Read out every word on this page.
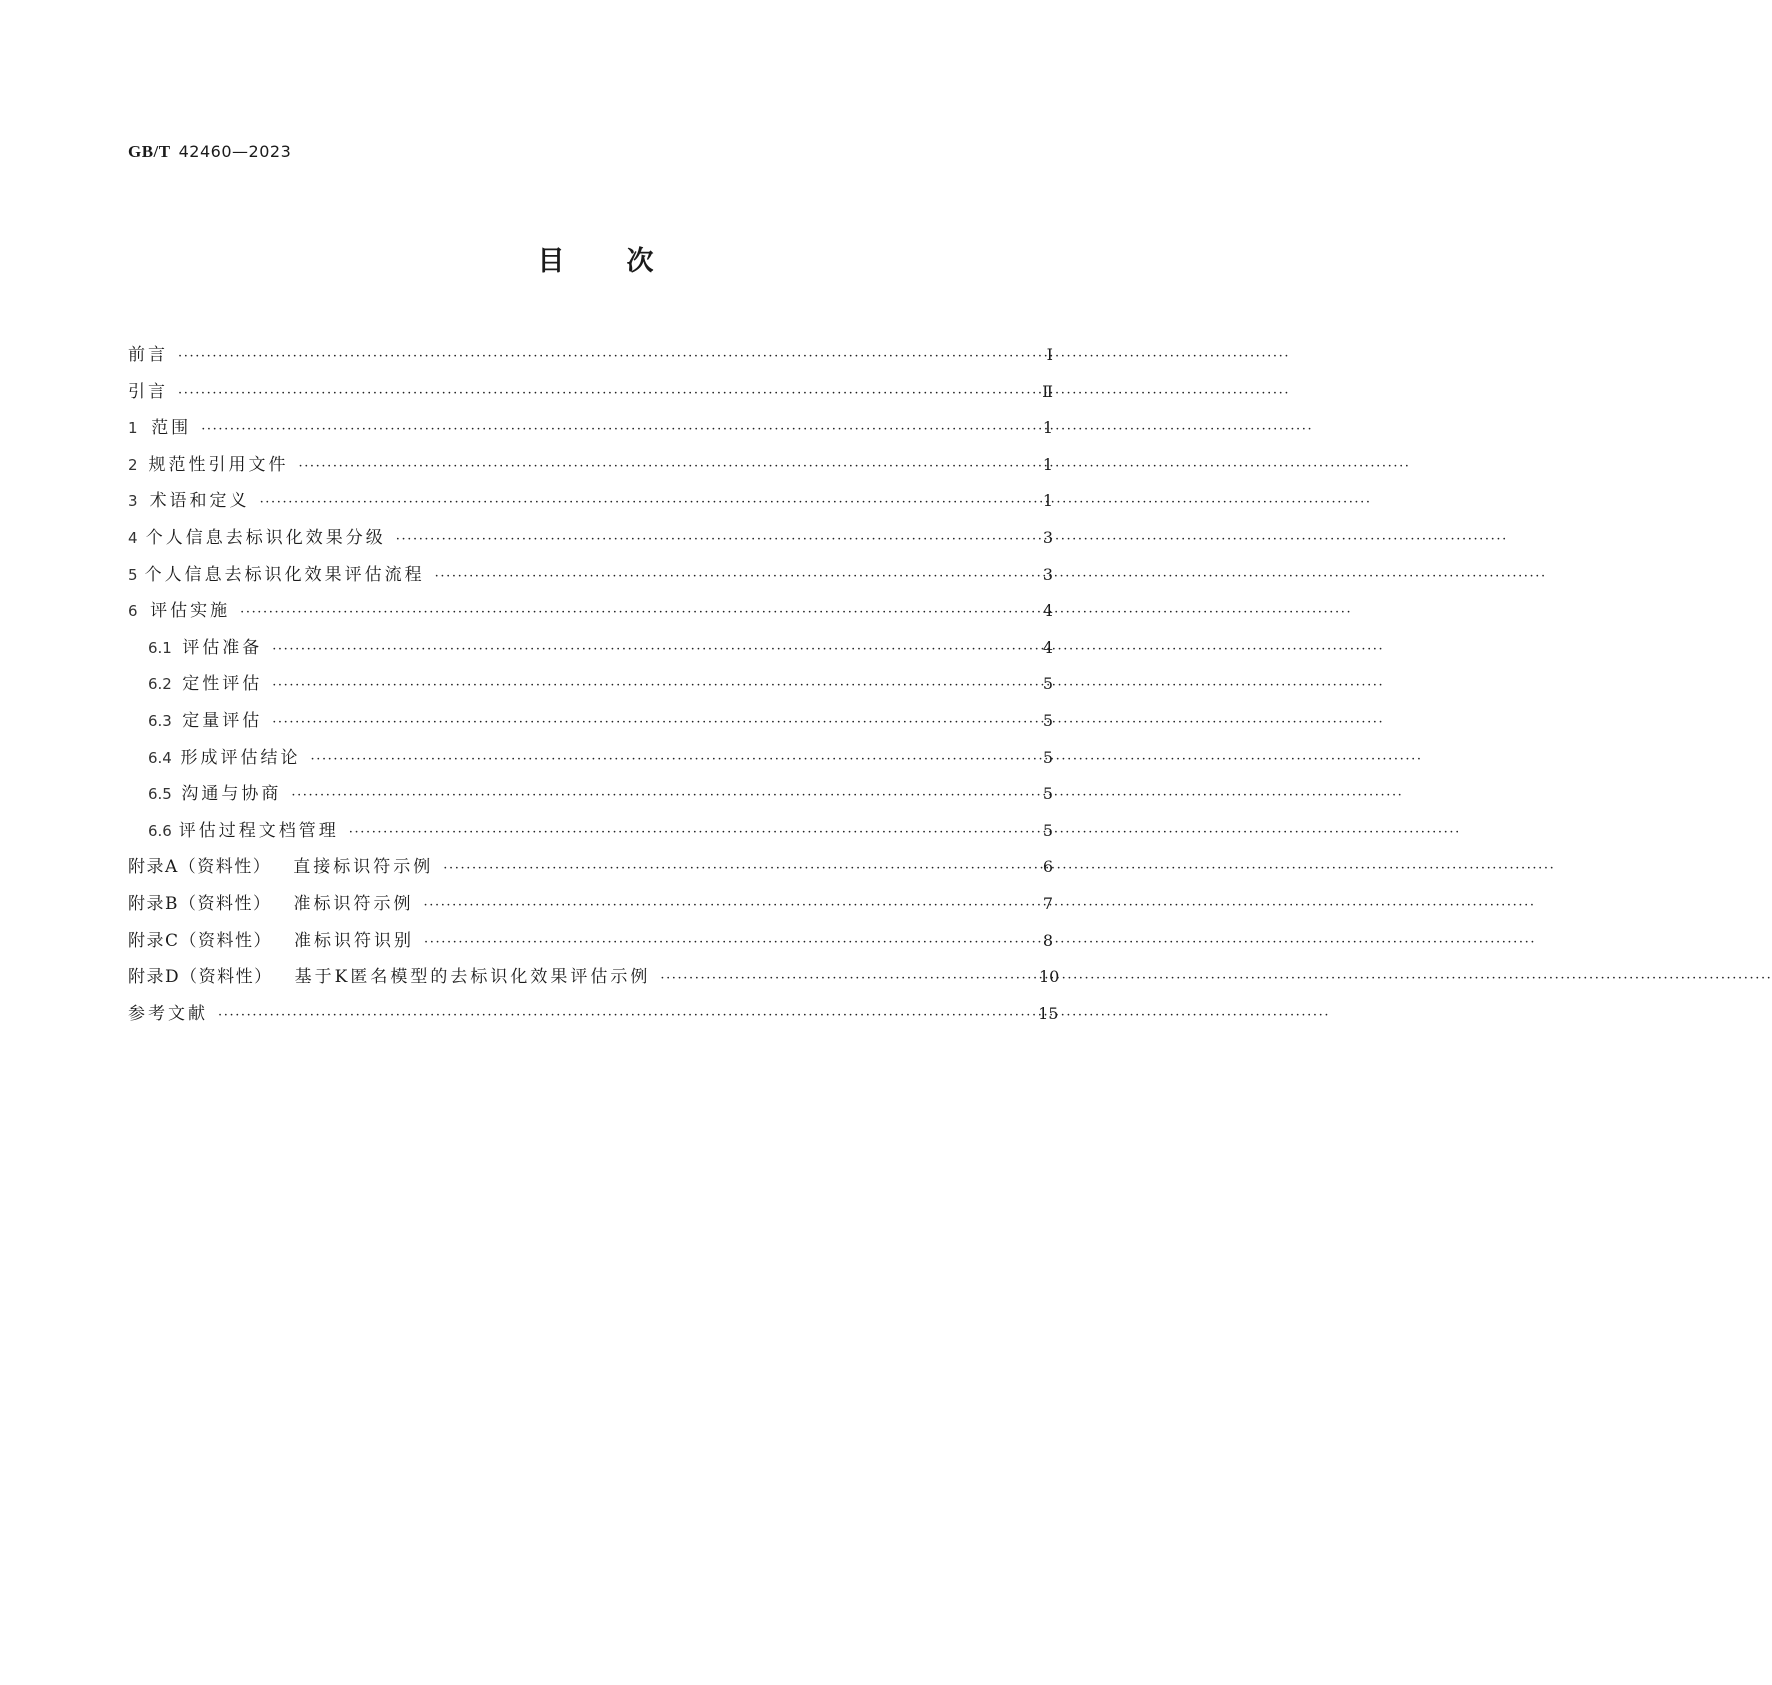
GB/T 42460—2023
目次
前言 ·····	Ⅰ
引言 ·····	Ⅱ
1 范围 ·····	1
2 规范性引用文件 ·····	1
3 术语和定义 ·····	1
4 个人信息去标识化效果分级 ·····	3
5 个人信息去标识化效果评估流程 ·····	3
6 评估实施 ·····	4
6.1 评估准备 ·····	4
6.2 定性评估 ·····	5
6.3 定量评估 ·····	5
6.4 形成评估结论 ·····	5
6.5 沟通与协商 ·····	5
6.6 评估过程文档管理 ·····	5
附录A（资料性） 直接标识符示例 ·····	6
附录B（资料性） 准标识符示例 ·····	7
附录C（资料性） 准标识符识别 ·····	8
附录D（资料性） 基于K匿名模型的去标识化效果评估示例 ·····	10
参考文献 ·····	15
